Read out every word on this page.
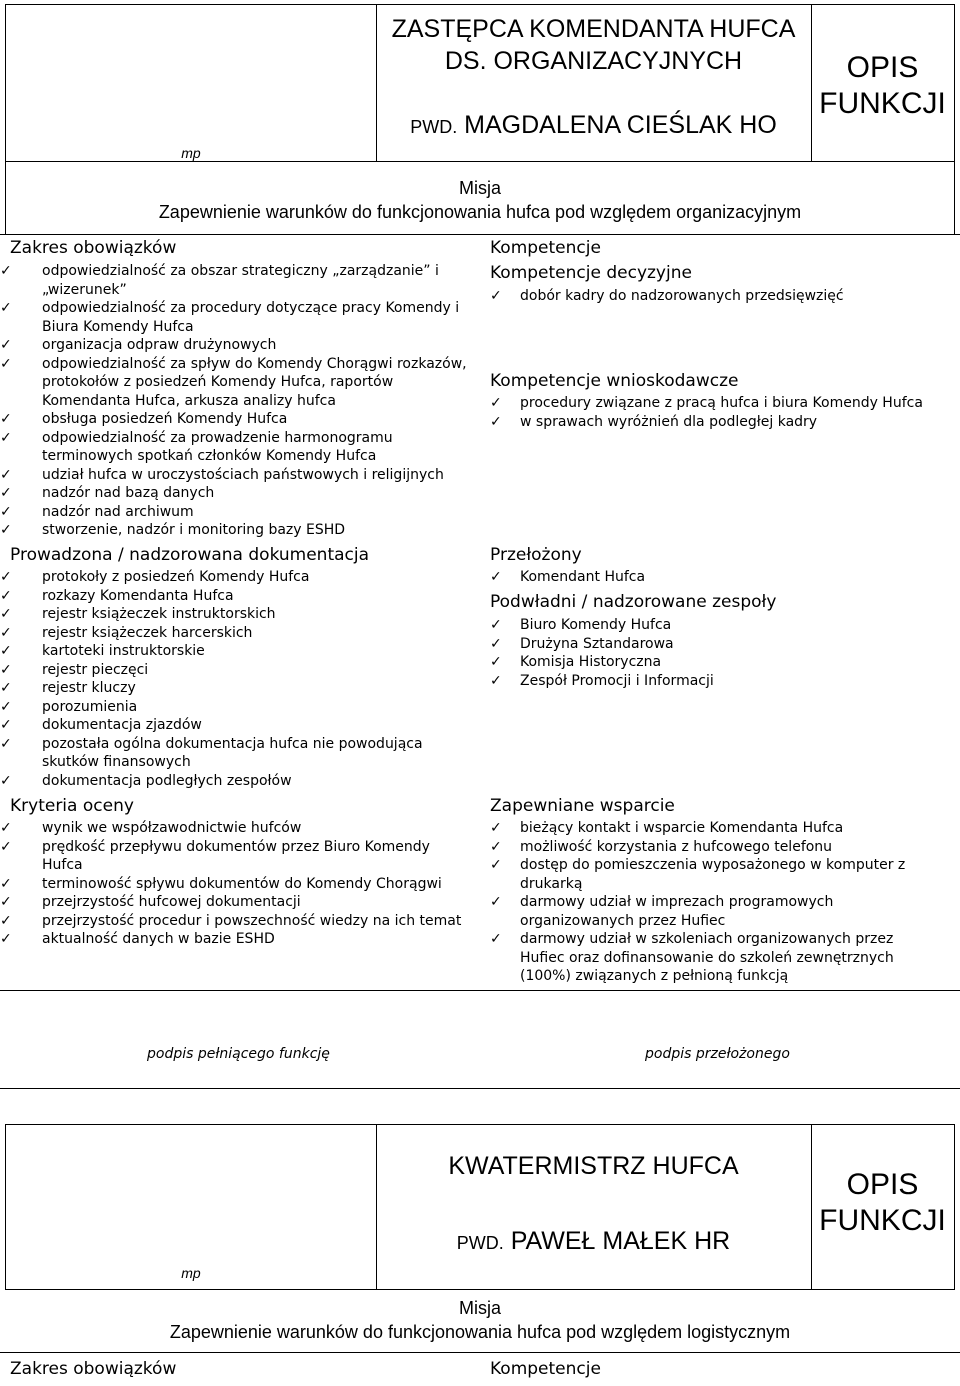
mp
ZASTĘPCA KOMENDANTA HUFCA DS. ORGANIZACYJNYCH
PWD. MAGDALENA CIEŚLAK HO
OPIS FUNKCJI
Misja
Zapewnienie warunków do funkcjonowania hufca pod względem organizacyjnym
Zakres obowiązków
✓ odpowiedzialność za obszar strategiczny „zarządzanie” i „wizerunek”
✓ odpowiedzialność za procedury dotyczące pracy Komendy i Biura Komendy Hufca
✓ organizacja odpraw drużynowych
✓ odpowiedzialność za spływ do Komendy Chorągwi rozkazów, protokołów z posiedzeń Komendy Hufca, raportów Komendanta Hufca, arkusza analizy hufca
✓ obsługa posiedzeń Komendy Hufca
✓ odpowiedzialność za prowadzenie harmonogramu terminowych spotkań członków Komendy Hufca
✓ udział hufca w uroczystościach państwowych i religijnych
✓ nadzór nad bazą danych
✓ nadzór nad archiwum
✓ stworzenie, nadzór i monitoring bazy ESHD
Kompetencje
Kompetencje decyzyjne
✓ dobór kadry do nadzorowanych przedsięwzięć
Kompetencje wnioskodawcze
✓ procedury związane z pracą hufca i biura Komendy Hufca
✓ w sprawach wyróżnień dla podległej kadry
Prowadzona / nadzorowana dokumentacja
✓ protokoły z posiedzeń Komendy Hufca
✓ rozkazy Komendanta Hufca
✓ rejestr książeczek instruktorskich
✓ rejestr książeczek harcerskich
✓ kartoteki instruktorskie
✓ rejestr pieczęci
✓ rejestr kluczy
✓ porozumienia
✓ dokumentacja zjazdów
✓ pozostała ogólna dokumentacja hufca nie powodująca skutków finansowych
✓ dokumentacja podległych zespołów
Przełożony
✓ Komendant Hufca
Podwładni / nadzorowane zespoły
✓ Biuro Komendy Hufca
✓ Drużyna Sztandarowa
✓ Komisja Historyczna
✓ Zespół Promocji i Informacji
Kryteria oceny
✓ wynik we współzawodnictwie hufców
✓ prędkość przepływu dokumentów przez Biuro Komendy Hufca
✓ terminowość spływu dokumentów do Komendy Chorągwi
✓ przejrzystość hufcowej dokumentacji
✓ przejrzystość procedur i powszechność wiedzy na ich temat
✓ aktualność danych w bazie ESHD
Zapewniane wsparcie
✓ bieżący kontakt i wsparcie Komendanta Hufca
✓ możliwość korzystania z hufcowego telefonu
✓ dostęp do pomieszczenia wyposażonego w komputer z drukarką
✓ darmowy udział w imprezach programowych organizowanych przez Hufiec
✓ darmowy udział w szkoleniach organizowanych przez Hufiec oraz dofinansowanie do szkoleń zewnętrznych (100%) związanych z pełnioną funkcją
podpis pełniącego funkcję	podpis przełożonego
mp
KWATERMISTRZ HUFCA
PWD. PAWEŁ MAŁEK HR
OPIS FUNKCJI
Misja
Zapewnienie warunków do funkcjonowania hufca pod względem logistycznym
Zakres obowiązków	Kompetencje
